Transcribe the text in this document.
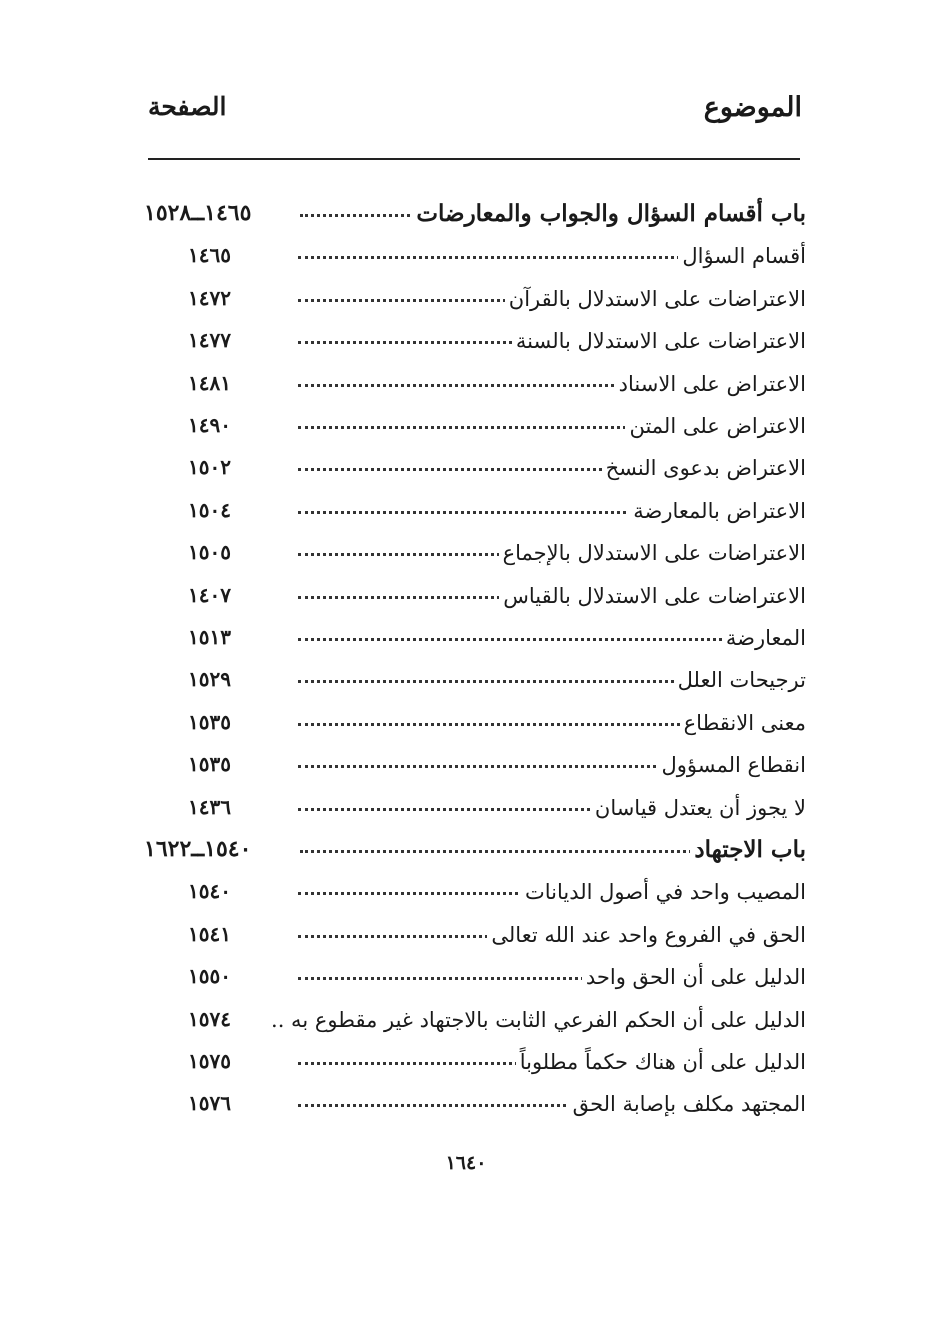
الموضوع
الصفحة
باب أقسام السؤال والجواب والمعارضات
١٤٦٥ــ١٥٢٨
أقسام السؤال
١٤٦٥
الاعتراضات على الاستدلال بالقرآن
١٤٧٢
الاعتراضات على الاستدلال بالسنة
١٤٧٧
الاعتراض على الاسناد
١٤٨١
الاعتراض على المتن
١٤٩٠
الاعتراض بدعوى النسخ
١٥٠٢
الاعتراض بالمعارضة
١٥٠٤
الاعتراضات على الاستدلال بالإجماع
١٥٠٥
الاعتراضات على الاستدلال بالقياس
١٤٠٧
المعارضة
١٥١٣
ترجيحات العلل
١٥٢٩
معنى الانقطاع
١٥٣٥
انقطاع المسؤول
١٥٣٥
لا يجوز أن يعتدل قياسان
١٤٣٦
باب الاجتهاد
١٥٤٠ــ١٦٢٢
المصيب واحد في أصول الديانات
١٥٤٠
الحق في الفروع واحد عند الله تعالى
١٥٤١
الدليل على أن الحق واحد
١٥٥٠
الدليل على أن الحكم الفرعي الثابت بالاجتهاد غير مقطوع به ..
١٥٧٤
الدليل على أن هناك حكماً مطلوباً
١٥٧٥
المجتهد مكلف بإصابة الحق
١٥٧٦
١٦٤٠
